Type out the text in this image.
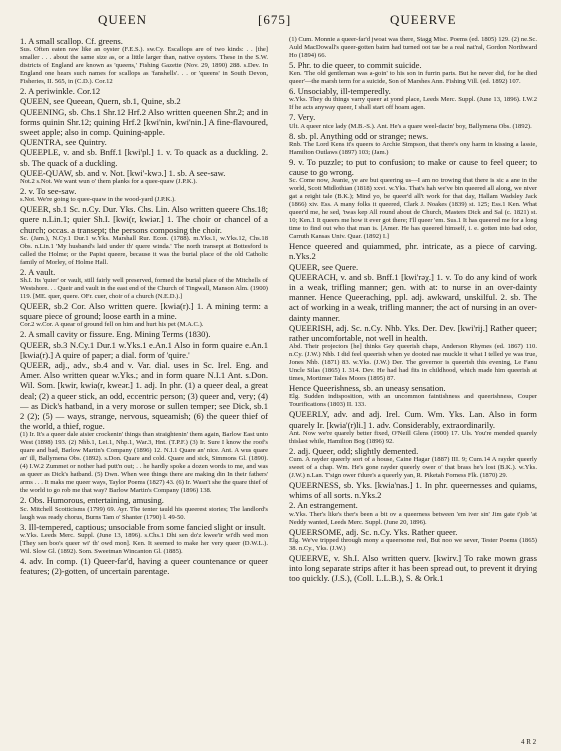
QUEEN	[675]	QUEERVE

1. A small scallop. Cf. greens.

Sus. Often eaten raw like an oyster (F.E.S.). sw.Cy. Escallops are of two kinds: . . [the] smaller . . . about the same size as, or a little larger than, native oysters. These in the S.W. districts of England are known as 'queens,' Fishing Gazette (Nov. 29, 1890) 288. s.Dev. In England one hears such names for scallops as 'fanshells'. . . or 'queens' in South Devon, Fisheries, II. 565, in (C.D.). Cor.12

2. A periwinkle. Cor.12

QUEEN, see Queean, Quern, sb.1, Quine, sb.2

QUEENING, sb. Chs.1 Shr.12 Hrf.2 Also written queenen Shr.2; and in forms quinin Shr.12; quining Hrf.2 [kwi'nin, kwi'nin.] A fine-flavoured, sweet apple; also in comp. Quining-apple.

QUENTRA, see Quintry.

QUEEPLE, v. and sb. Bnff.1 [kwi'pl.] 1. v. To quack as a duckling. 2. sb. The quack of a duckling.

QUEE-QUAW, sb. and v. Not. [kwi'-kwɔ.] 1. sb. A see-saw.

Not.2 s.Not. We want wun o' them planks for a quee-quaw (J.P.K.).

2. v. To see-saw.

s.Not. We're going to quee-quaw in the wood-yard (J.P.K.).

QUEER, sb.1 Sc. n.Cy. Dur. Yks. Chs. Lin. Also written queere Chs.18; quere n.Lin.1; quier Sh.I. [kwi(r, kwiər.] 1. The choir or chancel of a church; occas. a transept; the persons composing the choir.

Sc. (Jam.), N.Cy.1 Dur.1 w.Yks. Marshall Rur. Econ. (1788). m.Yks.1, w.Yks.12, Chs.18 Obs. n.Lin.1 'My husband's laid under th' quere winda.' The north transept at Bottesford is called the Holme; or the Papist queere, because it was the burial place of the old Catholic family of Morley, of Holme Hall.

2. A vault.

Sh.I. Its 'quier' or vault, still fairly well preserved, formed the burial place of the Mitchells of Westshore. . . Queir and vault in the east end of the Church of Tingwall, Manson Alm. (1900) 119. [ME. quer, quere. OFr. cuer, choir of a church (N.E.D.).]

QUEER, sb.2 Cor. Also written quere. [kwia(r).] 1. A mining term: a square piece of ground; loose earth in a mine.

Cor.2 w.Cor. A quear of ground fell on him and hurt his pet (M.A.C.).

2. A small cavity or fissure. Eng. Mining Terms (1830).

QUEER, sb.3 N.Cy.1 Dur.1 w.Yks.1 e.An.1 Also in form quaire e.An.1 [kwia(r).] A quire of paper; a dial. form of 'quire.'

QUEER, adj., adv., sb.4 and v. Var. dial. uses in Sc. Irel. Eng. and Amer. Also written quear w.Yks.; and in form quare N.I.1 Ant. s.Don. Wil. Som. [kwir, kwia(r, kweər.] 1. adj. In phr. (1) a queer deal, a great deal; (2) a queer stick, an odd, eccentric person; (3) queer and, very; (4) — as Dick's hatband, in a very morose or sullen temper; see Dick, sb.1 2 (2); (5) — ways, strange, nervous, squeamish; (6) the queer thief of the world, a thief, rogue.

(1) Ir. It's a queer dale aisier crockenin' things than straightenin' them again, Barlow East unto West (1898) 193. (2) Nhb.1, Lei.1, Nhp.1, War.3, Hnt. (T.P.F.) (3) Ir. Sure I know the roof's quare and bad, Barlow Martin's Company (1896) 12. N.I.1 Quare an' nice. Ant. A wus quare an' ill, Ballymena Obs. (1892). s.Don. Quare and cold. Quare and sick, Simmons Gl. (1890). (4) I.W.2 Zummet or nother had putt'n out; . . he hardly spoke a dozen words to me, and was as queer as Dick's hatband. (5) Dwn. When wee things there are making din In their fathers' arms . . . It maks me queer ways, Taylor Poems (1827) 43. (6) Ir. Wasn't she the quare thief of the world to go rob me that way? Barlow Martin's Company (1896) 138.

2. Obs. Humorous, entertaining, amusing.

Sc. Mitchell Scotticisms (1799) 69. Ayr. The tenter tauld his queerest stories; The landlord's laugh was ready chorus, Burns Tam o' Shanter (1790) l. 49-50.

3. Ill-tempered, captious; unsociable from some fancied slight or insult.

w.Yks. Leeds Merc. Suppl. (June 13, 1896). s.Chs.1 Dhi sen do'z kwee'ir wi'dh wed mon [They sen boo's queer wi' th' owd mon]. Ken. It seemed to make her very queer (D.W.L.). Wil. Slow Gl. (1892). Som. Sweetman Wincanton Gl. (1885).

4. adv. In comp. (1) Queer-far'd, having a queer countenance or queer features; (2)-gotten, of uncertain parentage.

(1) Cum. Monnie a queer-far'd jwoat was there, Stagg Misc. Poems (ed. 1805) 129. (2) ne.Sc. Auld MacDowall's queer-gotten bairn had turned oot tae be a real nat'ral, Gordon Northward Ho (1894) 66.

5. Phr. to die queer, to commit suicide.

Ken. 'The old gentleman was a-goin' to his son in furrin parts. But he never did, for he died queer'—the marsh term for a suicide, Son of Marshes Ann. Fishing Vill. (ed. 1892) 107.

6. Unsociably, ill-temperedly.

w.Yks. They du things varry queer at yond place, Leeds Merc. Suppl. (June 13, 1896). I.W.2 If he acts anyway queer, I shall start off hoam agen.

7. Very.

Ult. A queer nice lady (M.B.-S.). Ant. He's a quare weel-dacin' boy, Ballymena Obs. (1892).

8. sb. pl. Anything odd or strange; news.

Rnb. The Lord Kens it's queers to Archie Simpson, that there's ony harm in kissing a lassie, Hamilton Outlaws (1897) 103; (Jam.)

9. v. To puzzle; to put to confusion; to make or cause to feel queer; to cause to go wrong.

Sc. Come now, Jeanie, ye are but queering us—I am no trowing that there is sic a ane in the world, Scott Midlothian (1818) xxvi. w.Yks. That's hah we've bin queered all along, we niver gat a reight tale (B.K.); Mind yo, be queer'd all't work for that day, Hallam Wadsley Jack (1866) xiv. Ess. A many folks it queered, Clark J. Noakes (1839) st. 125; Ess.1 Ken. What queer'd me, he sed, 'twas kep All round about de Church, Masters Dick and Sal (c. 1821) st. 10; Ken.1 It queers me how it ever got there; I'll queer 'em. Sus.1 It has queered me for a long time to find out who that man is. [Amer. He has queered himself, i. e. gotten into bad odor, Carruth Kansas Univ. Quar. (1892) I.]

Hence queered and quiammed, phr. intricate, as a piece of carving. n.Yks.2

QUEER, see Quere.

QUEERACH, v. and sb. Bnff.1 [kwi'rəχ.] 1. v. To do any kind of work in a weak, trifling manner; gen. with at: to nurse in an over-dainty manner. Hence Queeraching, ppl. adj. awkward, unskilful. 2. sb. The act of working in a weak, trifling manner; the act of nursing in an over-dainty manner.

QUEERISH, adj. Sc. n.Cy. Nhb. Yks. Der. Dev. [kwi'rij.] Rather queer; rather uncomfortable, not well in health.

Abd. Their projectors [he] thinks Gey queerish chaps, Anderson Rhymes (ed. 1867) 110. n.Cy. (J.W.) Nhb. I did feel queerish when ye dooted nae muckle it what I telled ye was true, Jones Nhb. (1871) 83. w.Yks. (J.W.) Der. The governor is queerish this evening, Le Fanu Uncle Silas (1865) I. 314. Dev. He had had fits in childhood, which made him queerish at times, Mortimer Tales Moors (1895) 87.

Hence Queerishness, sb. an uneasy sensation.

Elg. Sudden indisposition, with an uncommon faintishness and queerishness, Couper Tourifications (1803) II. 133.

QUEERLY, adv. and adj. Irel. Cum. Wm. Yks. Lan. Also in form quarely Ir. [kwia'(r)li.] 1. adv. Considerably, extraordinarily.

Ant. Now we're quarely better fixed, O'Neill Glens (1900) 17. Uls. You're mended quarely thislast while, Hamilton Bog (1896) 92.

2. adj. Queer, odd; slightly demented.

Cum. A rayder queerly sort of a house, Caine Hagar (1887) III. 9; Cum.14 A rayder queerly sweet of a chap. Wm. He's gone rayder queerly ower o' that brass he's lost (B.K.). w.Yks. (J.W.) n.Lan. T'sign ower t'dure's a queerly yan, R. Piketah Forness Flk. (1870) 29.

QUEERNESS, sb. Yks. [kwia'nas.] 1. In phr. queernesses and quiams, whims of all sorts. n.Yks.2

2. An estrangement.

w.Yks. Ther's like's ther's been a bit ov a queerness between 'em iver sin' Jim gate t'job 'at Neddy wanted, Leeds Merc. Suppl. (June 20, 1896).

QUEERSOME, adj. Sc. n.Cy. Yks. Rather queer.

Elg. We've tripped through mony a queersome reel, But noo we sever, Tester Poems (1865) 38. n.Cy., Yks. (J.W.)

QUEERVE, v. Sh.I. Also written querv. [kwirv.] To rake mown grass into long separate strips after it has been spread out, to prevent it drying too quickly. (J.S.), (Coll. L.L.B.), S. & Ork.1

4 R 2
